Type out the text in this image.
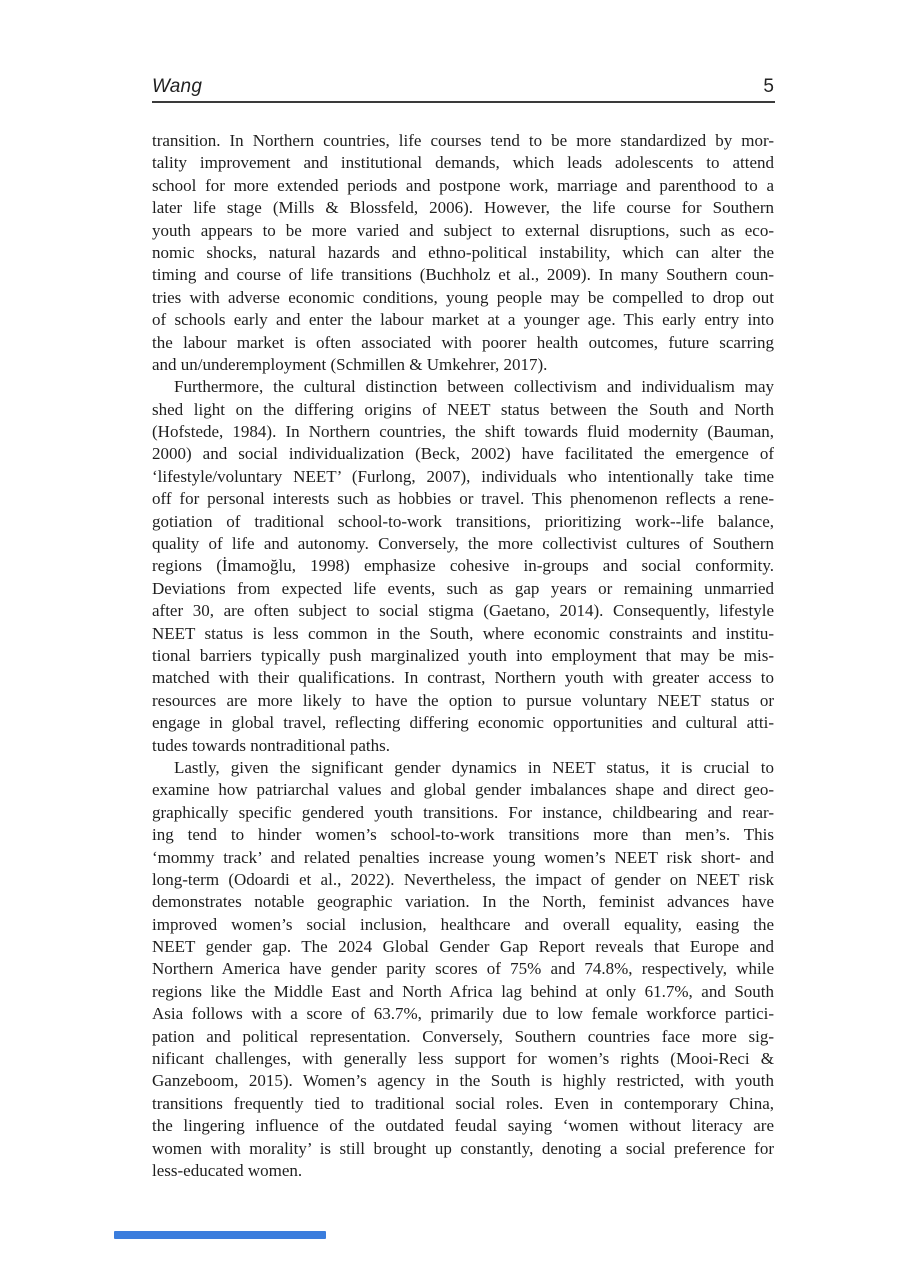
Wang	5
transition. In Northern countries, life courses tend to be more standardized by mor-
tality improvement and institutional demands, which leads adolescents to attend
school for more extended periods and postpone work, marriage and parenthood to a
later life stage (Mills & Blossfeld, 2006). However, the life course for Southern
youth appears to be more varied and subject to external disruptions, such as eco-
nomic shocks, natural hazards and ethno-political instability, which can alter the
timing and course of life transitions (Buchholz et al., 2009). In many Southern coun-
tries with adverse economic conditions, young people may be compelled to drop out
of schools early and enter the labour market at a younger age. This early entry into
the labour market is often associated with poorer health outcomes, future scarring
and un/underemployment (Schmillen & Umkehrer, 2017).
Furthermore, the cultural distinction between collectivism and individualism may
shed light on the differing origins of NEET status between the South and North
(Hofstede, 1984). In Northern countries, the shift towards fluid modernity (Bauman,
2000) and social individualization (Beck, 2002) have facilitated the emergence of
‘lifestyle/voluntary NEET’ (Furlong, 2007), individuals who intentionally take time
off for personal interests such as hobbies or travel. This phenomenon reflects a rene-
gotiation of traditional school-to-work transitions, prioritizing work--life balance,
quality of life and autonomy. Conversely, the more collectivist cultures of Southern
regions (İmamoğlu, 1998) emphasize cohesive in-groups and social conformity.
Deviations from expected life events, such as gap years or remaining unmarried
after 30, are often subject to social stigma (Gaetano, 2014). Consequently, lifestyle
NEET status is less common in the South, where economic constraints and institu-
tional barriers typically push marginalized youth into employment that may be mis-
matched with their qualifications. In contrast, Northern youth with greater access to
resources are more likely to have the option to pursue voluntary NEET status or
engage in global travel, reflecting differing economic opportunities and cultural atti-
tudes towards nontraditional paths.
Lastly, given the significant gender dynamics in NEET status, it is crucial to
examine how patriarchal values and global gender imbalances shape and direct geo-
graphically specific gendered youth transitions. For instance, childbearing and rear-
ing tend to hinder women’s school-to-work transitions more than men’s. This
‘mommy track’ and related penalties increase young women’s NEET risk short- and
long-term (Odoardi et al., 2022). Nevertheless, the impact of gender on NEET risk
demonstrates notable geographic variation. In the North, feminist advances have
improved women’s social inclusion, healthcare and overall equality, easing the
NEET gender gap. The 2024 Global Gender Gap Report reveals that Europe and
Northern America have gender parity scores of 75% and 74.8%, respectively, while
regions like the Middle East and North Africa lag behind at only 61.7%, and South
Asia follows with a score of 63.7%, primarily due to low female workforce partici-
pation and political representation. Conversely, Southern countries face more sig-
nificant challenges, with generally less support for women’s rights (Mooi-Reci &
Ganzeboom, 2015). Women’s agency in the South is highly restricted, with youth
transitions frequently tied to traditional social roles. Even in contemporary China,
the lingering influence of the outdated feudal saying ‘women without literacy are
women with morality’ is still brought up constantly, denoting a social preference for
less-educated women.
